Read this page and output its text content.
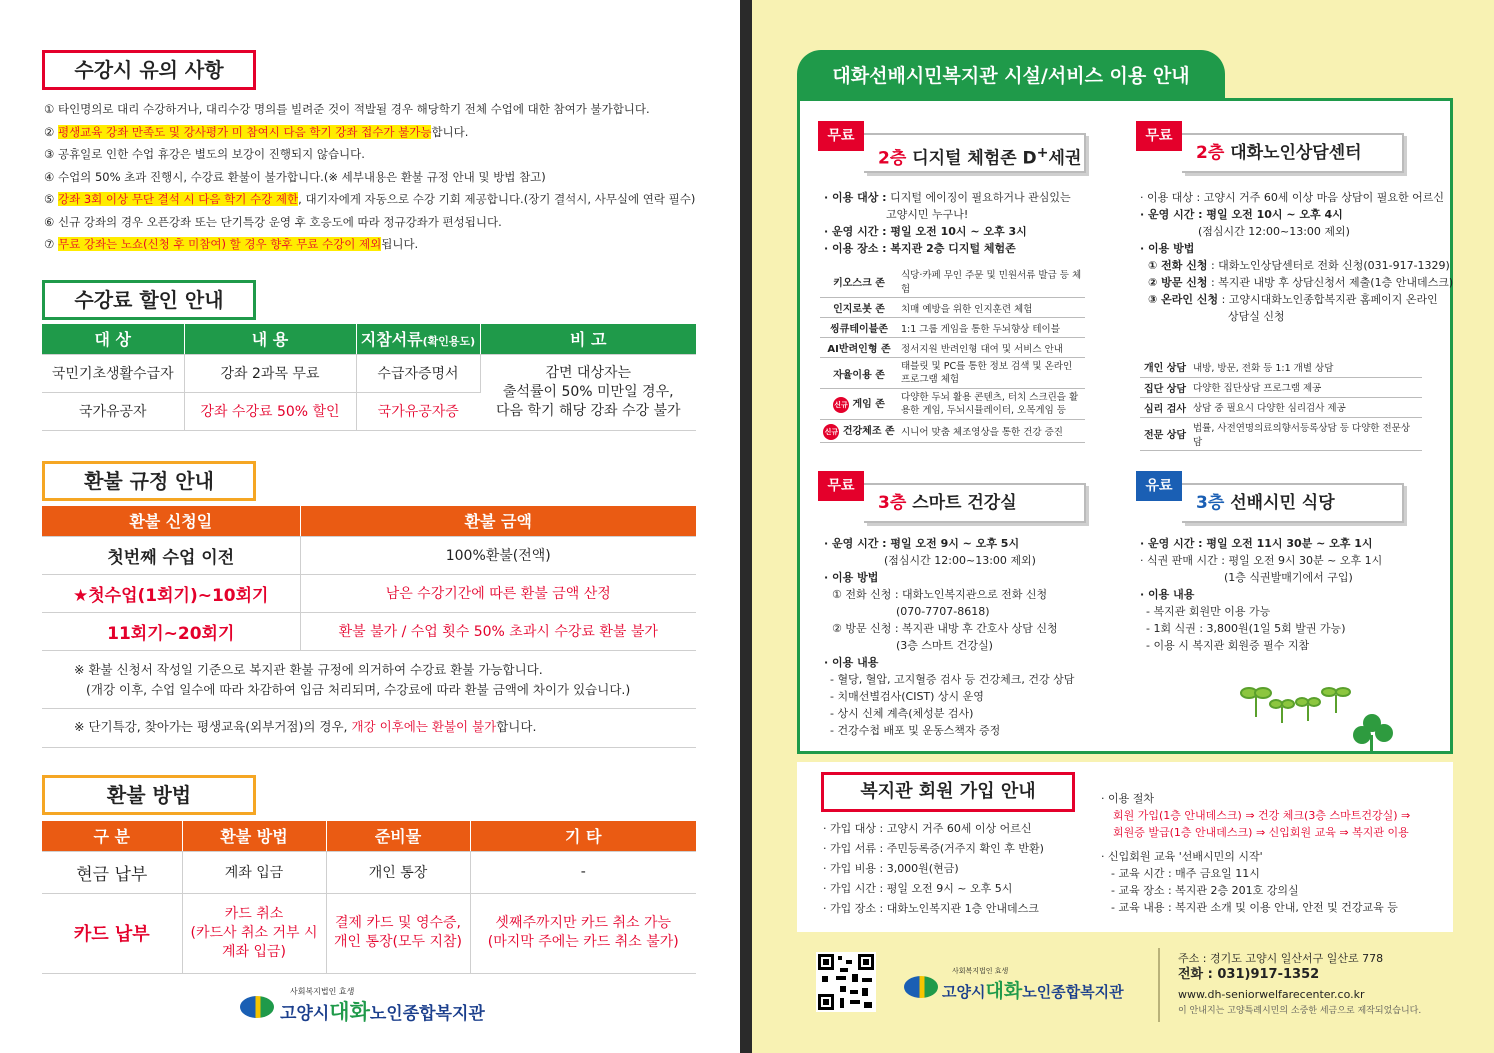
수강시 유의 사항
① 타인명의로 대리 수강하거나, 대리수강 명의를 빌려준 것이 적발될 경우 해당학기 전체 수업에 대한 참여가 불가합니다.
② 평생교육 강좌 만족도 및 강사평가 미 참여시 다음 학기 강좌 접수가 불가능합니다.
③ 공휴일로 인한 수업 휴강은 별도의 보강이 진행되지 않습니다.
④ 수업의 50% 초과 진행시, 수강료 환불이 불가합니다.(※ 세부내용은 환불 규정 안내 및 방법 참고)
⑤ 강좌 3회 이상 무단 결석 시 다음 학기 수강 제한, 대기자에게 자동으로 수강 기회 제공합니다.(장기 결석시, 사무실에 연락 필수)
⑥ 신규 강좌의 경우 오픈강좌 또는 단기특강 운영 후 호응도에 따라 정규강좌가 편성됩니다.
⑦ 무료 강좌는 노쇼(신청 후 미참여) 할 경우 향후 무료 수강이 제외됩니다.
수강료 할인 안내
대 상	내 용	지참서류(확인용도)	비 고
국민기초생활수급자	강좌 2과목 무료	수급자증명서	감면 대상자는
출석률이 50% 미만일 경우,
다음 학기 해당 강좌 수강 불가
국가유공자	강좌 수강료 50% 할인	국가유공자증	
환불 규정 안내
환불 신청일	환불 금액
첫번째 수업 이전	100%환불(전액)
★첫수업(1회기)~10회기	남은 수강기간에 따른 환불 금액 산정
11회기~20회기	환불 불가 / 수업 횟수 50% 초과시 수강료 환불 불가
※ 환불 신청서 작성일 기준으로 복지관 환불 규정에 의거하여 수강료 환불 가능합니다.
(개강 이후, 수업 일수에 따라 차감하여 입금 처리되며, 수강료에 따라 환불 금액에 차이가 있습니다.)
※ 단기특강, 찾아가는 평생교육(외부거점)의 경우, 개강 이후에는 환불이 불가합니다.
환불 방법
구 분	환불 방법	준비물	기 타
현금 납부	계좌 입금	개인 통장	-
카드 납부	카드 취소
(카드사 취소 거부 시
계좌 입금)	결제 카드 및 영수증,
개인 통장(모두 지참)	셋째주까지만 카드 취소 가능
(마지막 주에는 카드 취소 불가)
사회복지법인 효생
고양시대화노인종합복지관
대화선배시민복지관 시설/서비스 이용 안내
무료
2층 디지털 체험존 D+세권
· 이용 대상 : 디지털 에이징이 필요하거나 관심있는
고양시민 누구나!
· 운영 시간 : 평일 오전 10시 ~ 오후 3시
· 이용 장소 : 복지관 2층 디지털 체험존
키오스크 존	식당·카페 무인 주문 및 민원서류 발급 등 체험
인지로봇 존	치매 예방을 위한 인지훈련 체험
씽큐테이블존	1:1 그룹 게임을 통한 두뇌향상 테이블
AI반려인형 존	정서지원 반려인형 대여 및 서비스 안내
자율이용 존	태블릿 및 PC를 통한 정보 검색 및 온라인 프로그램 체험
신규 게임 존	다양한 두뇌 활용 콘텐츠, 터치 스크린을 활용한 게임, 두뇌시뮬레이터, 오목게임 등
신규 건강체조 존	시니어 맞춤 체조영상을 통한 건강 증진
무료
2층 대화노인상담센터
· 이용 대상 : 고양시 거주 60세 이상 마음 상담이 필요한 어르신
· 운영 시간 : 평일 오전 10시 ~ 오후 4시
(점심시간 12:00~13:00 제외)
· 이용 방법
① 전화 신청 : 대화노인상담센터로 전화 신청(031-917-1329)
② 방문 신청 : 복지관 내방 후 상담신청서 제출(1층 안내데스크)
③ 온라인 신청 : 고양시대화노인종합복지관 홈페이지 온라인
상담실 신청
개인 상담	내방, 방문, 전화 등 1:1 개별 상담
집단 상담	다양한 집단상담 프로그램 제공
심리 검사	상담 중 필요시 다양한 심리검사 제공
전문 상담	법률, 사전연명의료의향서등록상담 등 다양한 전문상담
무료
3층 스마트 건강실
· 운영 시간 : 평일 오전 9시 ~ 오후 5시
(점심시간 12:00~13:00 제외)
· 이용 방법
① 전화 신청 : 대화노인복지관으로 전화 신청
(070-7707-8618)
② 방문 신청 : 복지관 내방 후 간호사 상담 신청
(3층 스마트 건강실)
· 이용 내용
- 혈당, 혈압, 고지혈증 검사 등 건강체크, 건강 상담
- 치매선별검사(CIST) 상시 운영
- 상시 신체 계측(체성분 검사)
- 건강수첩 배포 및 운동스책자 증정
유료
3층 선배시민 식당
· 운영 시간 : 평일 오전 11시 30분 ~ 오후 1시
· 식권 판매 시간 : 평일 오전 9시 30분 ~ 오후 1시
(1층 식권발매기에서 구입)
· 이용 내용
- 복지관 회원만 이용 가능
- 1회 식권 : 3,800원(1일 5회 발권 가능)
- 이용 시 복지관 회원증 필수 지참
복지관 회원 가입 안내
· 가입 대상 : 고양시 거주 60세 이상 어르신
· 가입 서류 : 주민등록증(거주지 확인 후 반환)
· 가입 비용 : 3,000원(현금)
· 가입 시간 : 평일 오전 9시 ~ 오후 5시
· 가입 장소 : 대화노인복지관 1층 안내데스크
· 이용 절차
회원 가입(1층 안내데스크) ⇒ 건강 체크(3층 스마트건강실) ⇒
회원증 발급(1층 안내데스크) ⇒ 신입회원 교육 ⇒ 복지관 이용
· 신입회원 교육 '선배시민의 시작'
- 교육 시간 : 매주 금요일 11시
- 교육 장소 : 복지관 2층 201호 강의실
- 교육 내용 : 복지관 소개 및 이용 안내, 안전 및 건강교육 등
사회복지법인 효생
고양시대화노인종합복지관
주소 : 경기도 고양시 일산서구 일산로 778
전화 : 031)917-1352
www.dh-seniorwelfarecenter.co.kr
이 안내지는 고양특례시민의 소중한 세금으로 제작되었습니다.
